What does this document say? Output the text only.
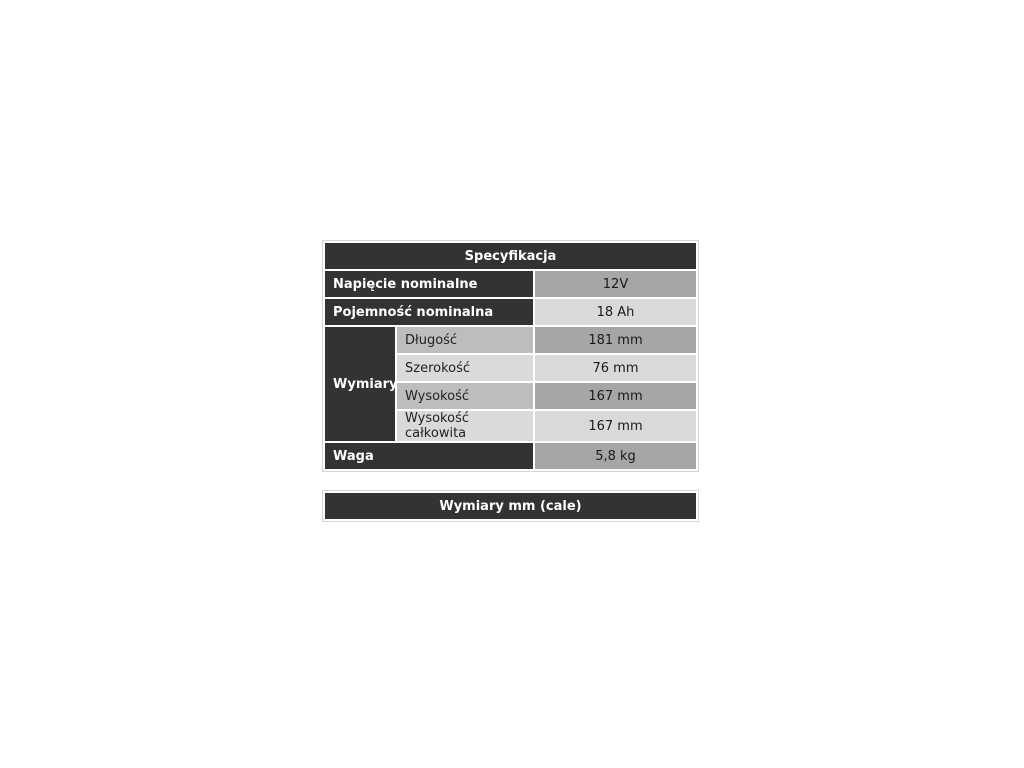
Specyfikacja		
Napięcie nominalne		12V
Pojemność nominalna		18 Ah
Wymiary	Długość	181 mm
	Szerokość	76 mm
	Wysokość	167 mm
	Wysokość całkowita	167 mm
Waga		5,8 kg
Wymiary mm (cale)
